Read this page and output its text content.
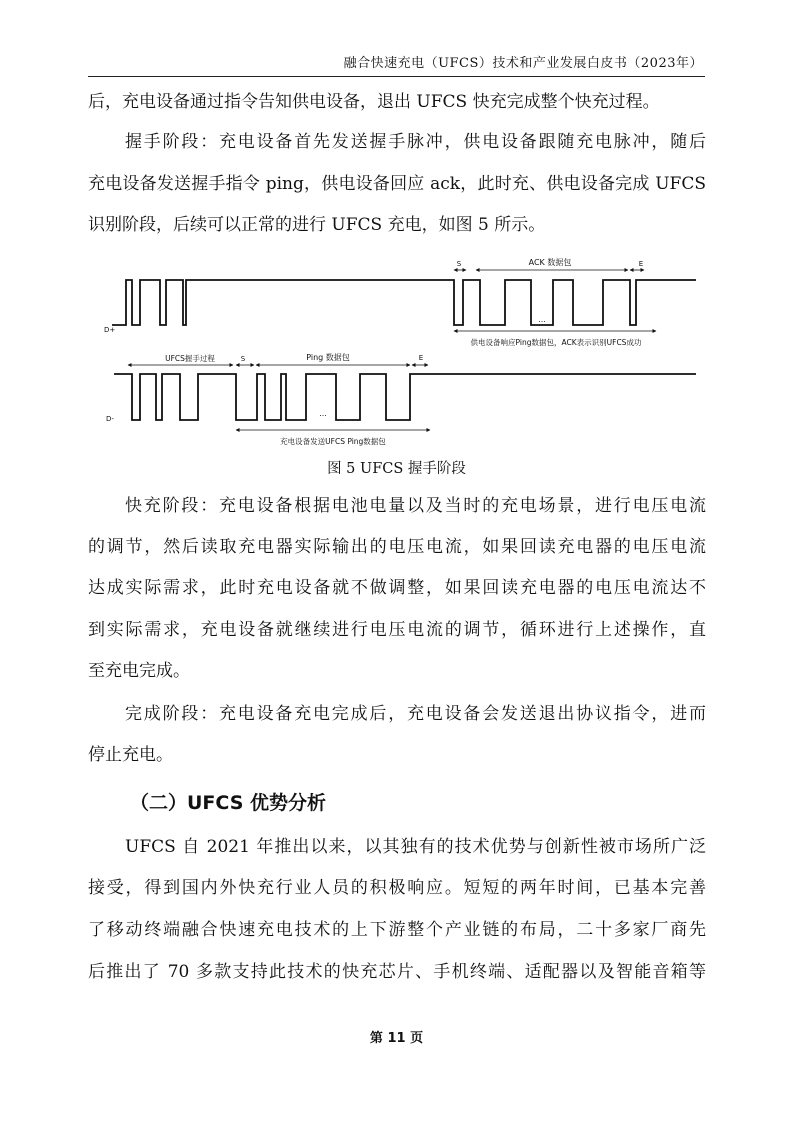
融合快速充电（UFCS）技术和产业发展白皮书（2023年）
后，充电设备通过指令告知供电设备，退出 UFCS 快充完成整个快充过程。
握手阶段：充电设备首先发送握手脉冲，供电设备跟随充电脉冲，随后
充电设备发送握手指令 ping，供电设备回应 ack，此时充、供电设备完成 UFCS
识别阶段，后续可以正常的进行 UFCS 充电，如图 5 所示。
D+
S	ACK 数据包	E
...
供电设备响应Ping数据包，ACK表示识别UFCS成功
UFCS握手过程	S	Ping 数据包	E
D-
...
充电设备发送UFCS Ping数据包
图 5 UFCS 握手阶段
快充阶段：充电设备根据电池电量以及当时的充电场景，进行电压电流
的调节，然后读取充电器实际输出的电压电流，如果回读充电器的电压电流
达成实际需求，此时充电设备就不做调整，如果回读充电器的电压电流达不
到实际需求，充电设备就继续进行电压电流的调节，循环进行上述操作，直
至充电完成。
完成阶段：充电设备充电完成后，充电设备会发送退出协议指令，进而
停止充电。
（二）UFCS 优势分析
UFCS 自 2021 年推出以来，以其独有的技术优势与创新性被市场所广泛
接受，得到国内外快充行业人员的积极响应。短短的两年时间，已基本完善
了移动终端融合快速充电技术的上下游整个产业链的布局，二十多家厂商先
后推出了 70 多款支持此技术的快充芯片、手机终端、适配器以及智能音箱等
第 11 页
